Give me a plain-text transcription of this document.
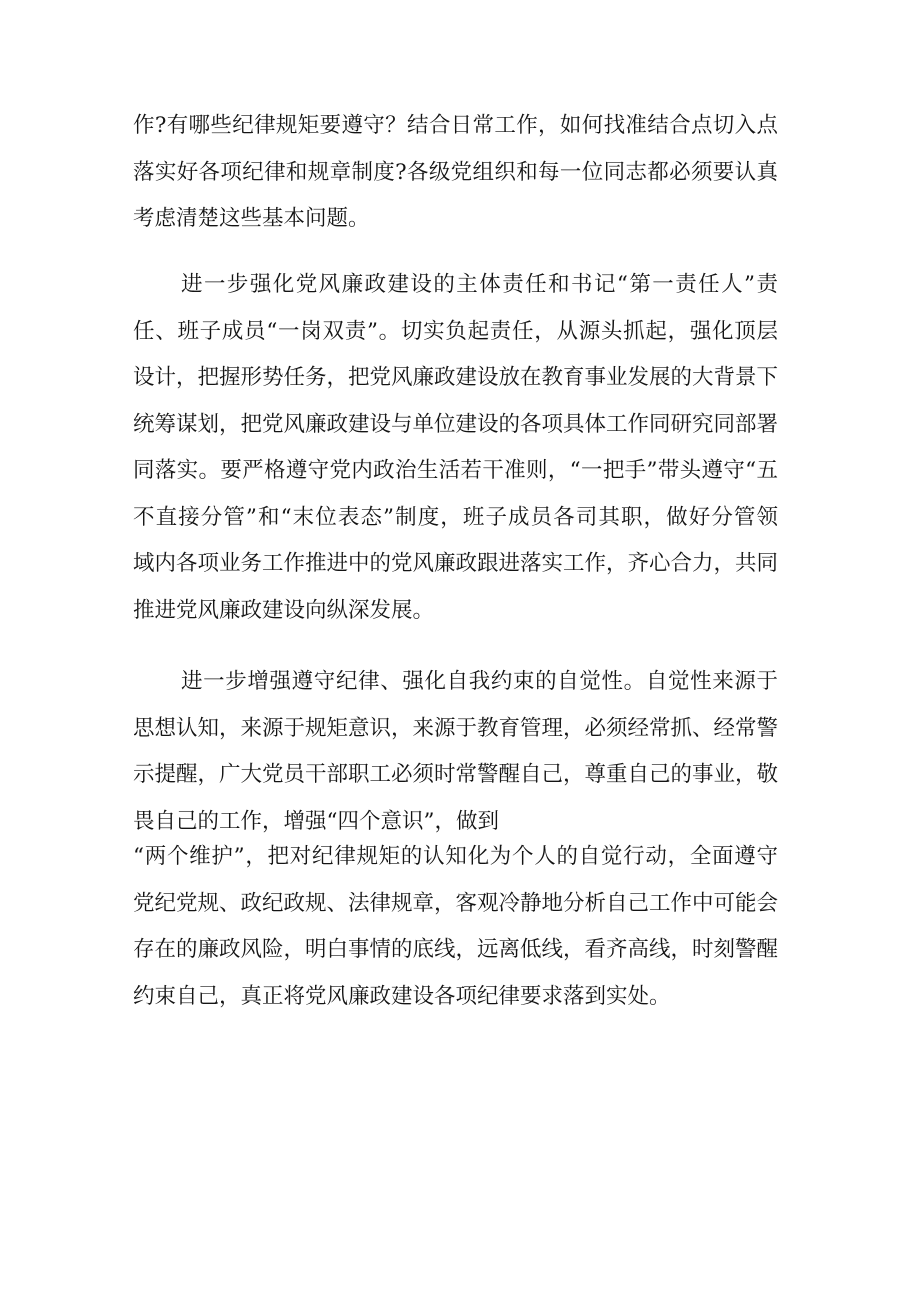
作?有哪些纪律规矩要遵守？结合日常工作，如何找准结合点切入点
落实好各项纪律和规章制度?各级党组织和每一位同志都必须要认真
考虑清楚这些基本问题。
进一步强化党风廉政建设的主体责任和书记“第一责任人”责
任、班子成员“一岗双责”。切实负起责任，从源头抓起，强化顶层
设计，把握形势任务，把党风廉政建设放在教育事业发展的大背景下
统筹谋划，把党风廉政建设与单位建设的各项具体工作同研究同部署
同落实。要严格遵守党内政治生活若干准则，“一把手”带头遵守“五
不直接分管”和“末位表态”制度，班子成员各司其职，做好分管领
域内各项业务工作推进中的党风廉政跟进落实工作，齐心合力，共同
推进党风廉政建设向纵深发展。
进一步增强遵守纪律、强化自我约束的自觉性。自觉性来源于
思想认知，来源于规矩意识，来源于教育管理，必须经常抓、经常警
示提醒，广大党员干部职工必须时常警醒自己，尊重自己的事业，敬
畏自己的工作，增强“四个意识”，做到
“两个维护”，把对纪律规矩的认知化为个人的自觉行动，全面遵守
党纪党规、政纪政规、法律规章，客观冷静地分析自己工作中可能会
存在的廉政风险，明白事情的底线，远离低线，看齐高线，时刻警醒
约束自己，真正将党风廉政建设各项纪律要求落到实处。
